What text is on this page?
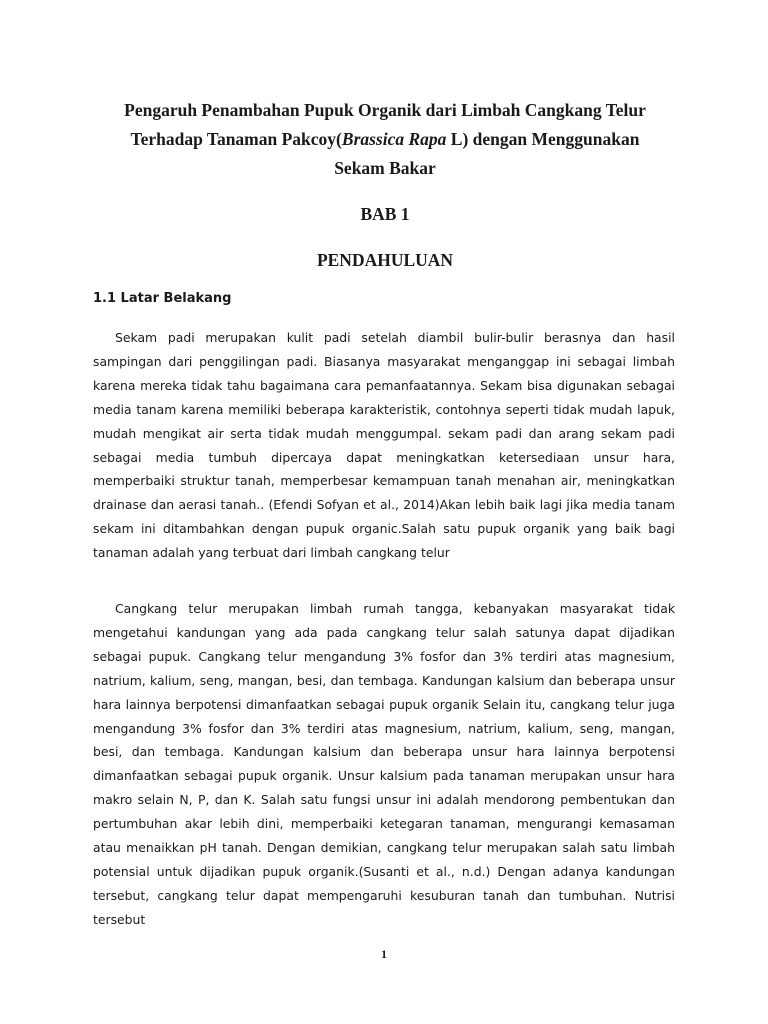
Pengaruh Penambahan Pupuk Organik dari Limbah Cangkang Telur
Terhadap Tanaman Pakcoy(Brassica Rapa L) dengan Menggunakan
Sekam Bakar
BAB 1
PENDAHULUAN
1.1 Latar Belakang

Sekam padi merupakan kulit padi setelah diambil bulir-bulir berasnya dan hasil sampingan dari penggilingan padi. Biasanya masyarakat menganggap ini sebagai limbah karena mereka tidak tahu bagaimana cara pemanfaatannya. Sekam bisa digunakan sebagai media tanam karena memiliki beberapa karakteristik, contohnya seperti tidak mudah lapuk, mudah mengikat air serta tidak mudah menggumpal. sekam padi dan arang sekam padi sebagai media tumbuh dipercaya dapat meningkatkan ketersediaan unsur hara, memperbaiki struktur tanah, memperbesar kemampuan tanah menahan air, meningkatkan drainase dan aerasi tanah.. (Efendi Sofyan et al., 2014)Akan lebih baik lagi jika media tanam sekam ini ditambahkan dengan pupuk organic.Salah satu pupuk organik yang baik bagi tanaman adalah yang terbuat dari limbah cangkang telur

Cangkang telur merupakan limbah rumah tangga, kebanyakan masyarakat tidak mengetahui kandungan yang ada pada cangkang telur salah satunya dapat dijadikan sebagai pupuk. Cangkang telur mengandung 3% fosfor dan 3% terdiri atas magnesium, natrium, kalium, seng, mangan, besi, dan tembaga. Kandungan kalsium dan beberapa unsur hara lainnya berpotensi dimanfaatkan sebagai pupuk organik Selain itu, cangkang telur juga mengandung 3% fosfor dan 3% terdiri atas magnesium, natrium, kalium, seng, mangan, besi, dan tembaga. Kandungan kalsium dan beberapa unsur hara lainnya berpotensi dimanfaatkan sebagai pupuk organik. Unsur kalsium pada tanaman merupakan unsur hara makro selain N, P, dan K. Salah satu fungsi unsur ini adalah mendorong pembentukan dan pertumbuhan akar lebih dini, memperbaiki ketegaran tanaman, mengurangi kemasaman atau menaikkan pH tanah. Dengan demikian, cangkang telur merupakan salah satu limbah potensial untuk dijadikan pupuk organik.(Susanti et al., n.d.) Dengan adanya kandungan tersebut, cangkang telur dapat mempengaruhi kesuburan tanah dan tumbuhan. Nutrisi tersebut

1
